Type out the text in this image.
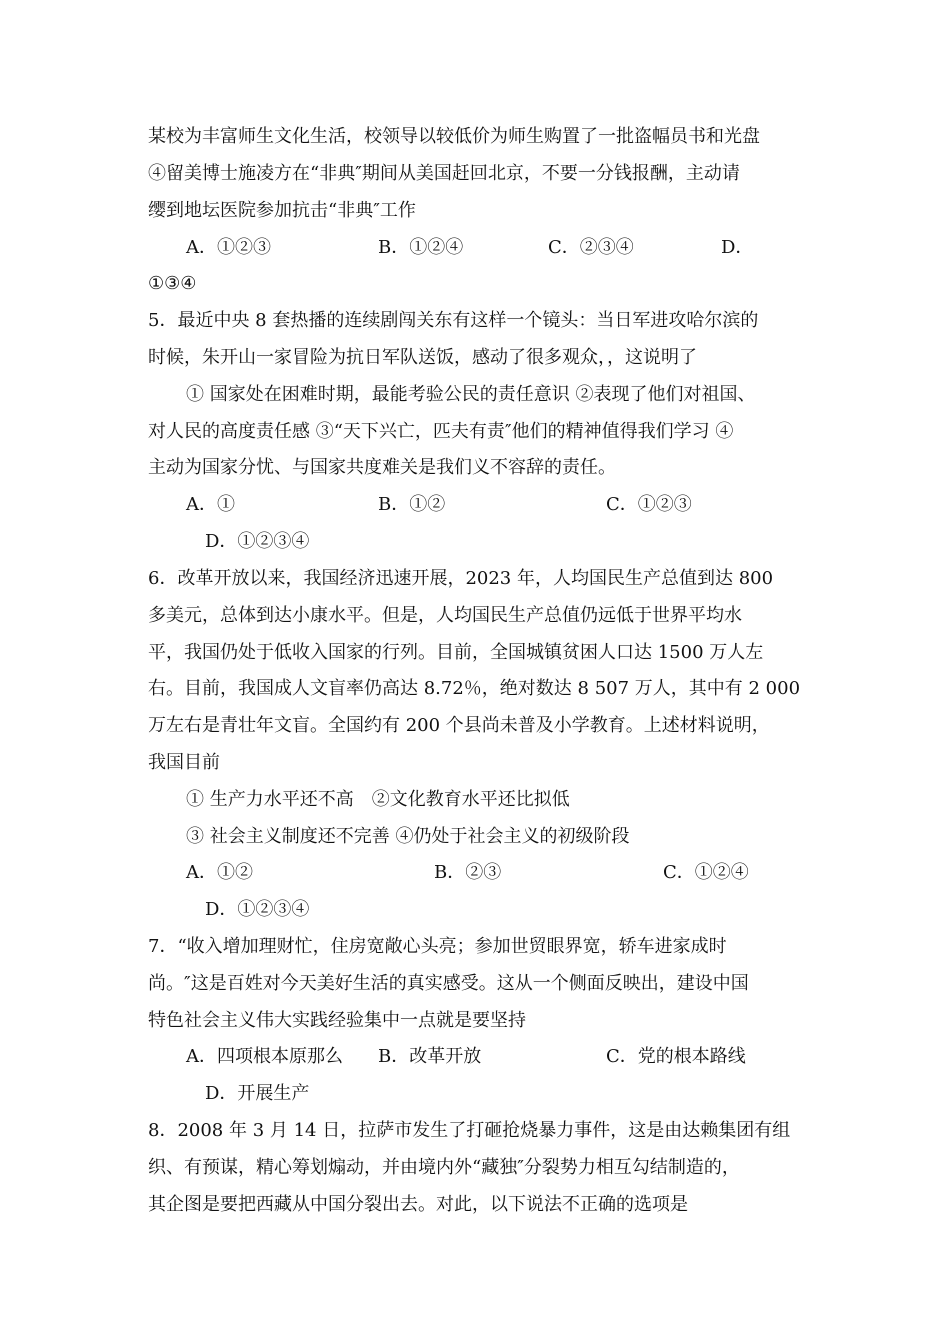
某校为丰富师生文化生活，校领导以较低价为师生购置了一批盗幅员书和光盘
④留美博士施凌方在“非典″期间从美国赶回北京，不要一分钱报酬，主动请
缨到地坛医院参加抗击“非典″工作
A．①②③	B．①②④	C．②③④	D．
①③④
5．最近中央 8 套热播的连续剧闯关东有这样一个镜头：当日军进攻哈尔滨的
时候，朱开山一家冒险为抗日军队送饭，感动了很多观众，，这说明了
① 国家处在困难时期，最能考验公民的责任意识 ②表现了他们对祖国、
对人民的高度责任感 ③“天下兴亡，匹夫有责″他们的精神值得我们学习 ④
主动为国家分忧、与国家共度难关是我们义不容辞的责任。
A．①	B．①②	C．①②③
D．①②③④
6．改革开放以来，我国经济迅速开展，2023 年，人均国民生产总值到达 800
多美元，总体到达小康水平。但是，人均国民生产总值仍远低于世界平均水
平，我国仍处于低收入国家的行列。目前，全国城镇贫困人口达 1500 万人左
右。目前，我国成人文盲率仍高达 8.72％，绝对数达 8 507 万人，其中有 2 000
万左右是青壮年文盲。全国约有 200 个县尚未普及小学教育。上述材料说明，
我国目前
① 生产力水平还不高　②文化教育水平还比拟低
③ 社会主义制度还不完善 ④仍处于社会主义的初级阶段
A．①②	B．②③	C．①②④
D．①②③④
7．“收入增加理财忙，住房宽敞心头亮；参加世贸眼界宽，轿车进家成时
尚。″这是百姓对今天美好生活的真实感受。这从一个侧面反映出，建设中国
特色社会主义伟大实践经验集中一点就是要坚持
A．四项根本原那么 B．改革开放	C．党的根本路线
D．开展生产
8．2008 年 3 月 14 日，拉萨市发生了打砸抢烧暴力事件，这是由达赖集团有组
织、有预谋，精心筹划煽动，并由境内外“藏独″分裂势力相互勾结制造的，
其企图是要把西藏从中国分裂出去。对此，以下说法不正确的选项是
